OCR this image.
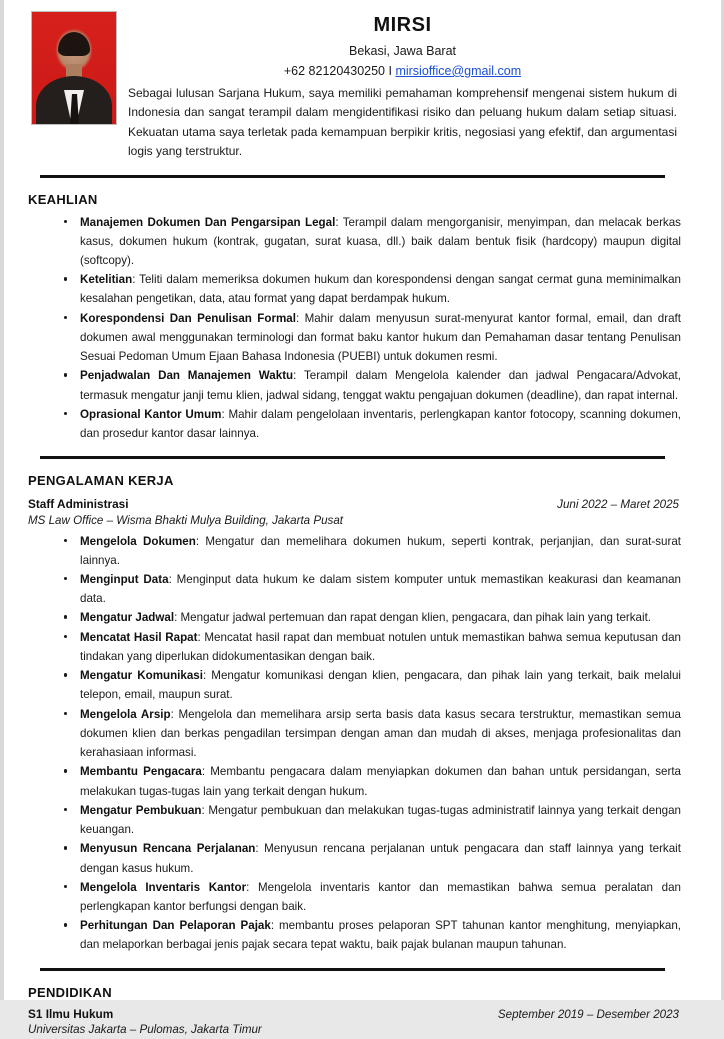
MIRSI
Bekasi, Jawa Barat
+62 82120430250 I mirsioffice@gmail.com
Sebagai lulusan Sarjana Hukum, saya memiliki pemahaman komprehensif mengenai sistem hukum di Indonesia dan sangat terampil dalam mengidentifikasi risiko dan peluang hukum dalam setiap situasi. Kekuatan utama saya terletak pada kemampuan berpikir kritis, negosiasi yang efektif, dan argumentasi logis yang terstruktur.
KEAHLIAN
Manajemen Dokumen Dan Pengarsipan Legal: Terampil dalam mengorganisir, menyimpan, dan melacak berkas kasus, dokumen hukum (kontrak, gugatan, surat kuasa, dll.) baik dalam bentuk fisik (hardcopy) maupun digital (softcopy).
Ketelitian: Teliti dalam memeriksa dokumen hukum dan korespondensi dengan sangat cermat guna meminimalkan kesalahan pengetikan, data, atau format yang dapat berdampak hukum.
Korespondensi Dan Penulisan Formal: Mahir dalam menyusun surat-menyurat kantor formal, email, dan draft dokumen awal menggunakan terminologi dan format baku kantor hukum dan Pemahaman dasar tentang Penulisan Sesuai Pedoman Umum Ejaan Bahasa Indonesia (PUEBI) untuk dokumen resmi.
Penjadwalan Dan Manajemen Waktu: Terampil dalam Mengelola kalender dan jadwal Pengacara/Advokat, termasuk mengatur janji temu klien, jadwal sidang, tenggat waktu pengajuan dokumen (deadline), dan rapat internal.
Oprasional Kantor Umum: Mahir dalam pengelolaan inventaris, perlengkapan kantor fotocopy, scanning dokumen, dan prosedur kantor dasar lainnya.
PENGALAMAN KERJA
Staff Administrasi	Juni 2022 – Maret 2025
MS Law Office – Wisma Bhakti Mulya Building, Jakarta Pusat
Mengelola Dokumen: Mengatur dan memelihara dokumen hukum, seperti kontrak, perjanjian, dan surat-surat lainnya.
Menginput Data: Menginput data hukum ke dalam sistem komputer untuk memastikan keakurasi dan keamanan data.
Mengatur Jadwal: Mengatur jadwal pertemuan dan rapat dengan klien, pengacara, dan pihak lain yang terkait.
Mencatat Hasil Rapat: Mencatat hasil rapat dan membuat notulen untuk memastikan bahwa semua keputusan dan tindakan yang diperlukan didokumentasikan dengan baik.
Mengatur Komunikasi: Mengatur komunikasi dengan klien, pengacara, dan pihak lain yang terkait, baik melalui telepon, email, maupun surat.
Mengelola Arsip: Mengelola dan memelihara arsip serta basis data kasus secara terstruktur, memastikan semua dokumen klien dan berkas pengadilan tersimpan dengan aman dan mudah di akses, menjaga profesionalitas dan kerahasiaan informasi.
Membantu Pengacara: Membantu pengacara dalam menyiapkan dokumen dan bahan untuk persidangan, serta melakukan tugas-tugas lain yang terkait dengan hukum.
Mengatur Pembukuan: Mengatur pembukuan dan melakukan tugas-tugas administratif lainnya yang terkait dengan keuangan.
Menyusun Rencana Perjalanan: Menyusun rencana perjalanan untuk pengacara dan staff lainnya yang terkait dengan kasus hukum.
Mengelola Inventaris Kantor: Mengelola inventaris kantor dan memastikan bahwa semua peralatan dan perlengkapan kantor berfungsi dengan baik.
Perhitungan Dan Pelaporan Pajak: membantu proses pelaporan SPT tahunan kantor menghitung, menyiapkan, dan melaporkan berbagai jenis pajak secara tepat waktu, baik pajak bulanan maupun tahunan.
PENDIDIKAN
S1 Ilmu Hukum	September 2019 – Desember 2023
Universitas Jakarta – Pulomas, Jakarta Timur
